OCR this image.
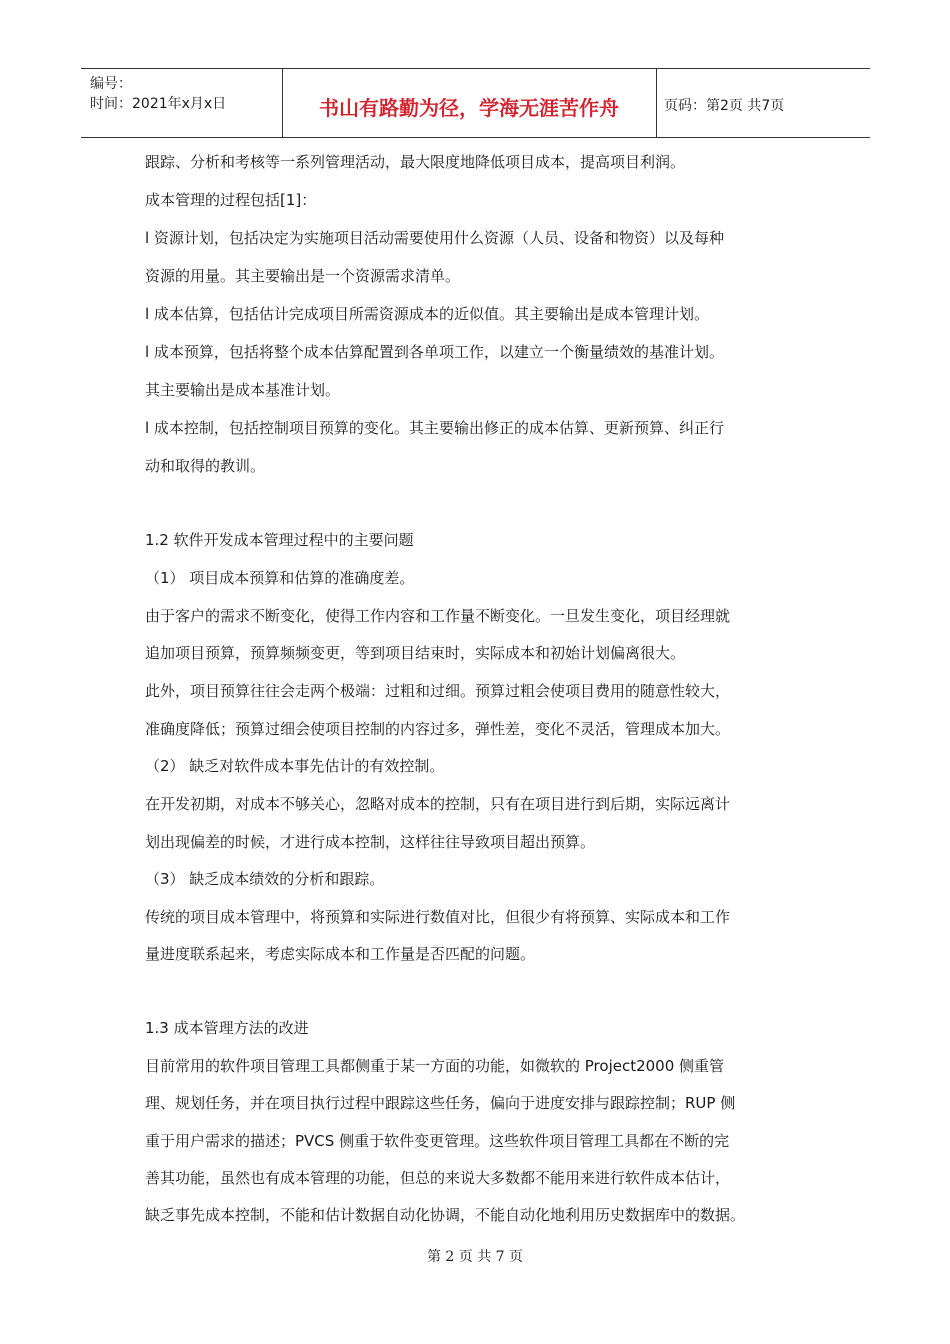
编号：
时间：2021年x月x日	书山有路勤为径，学海无涯苦作舟	页码：第2页 共7页
跟踪、分析和考核等一系列管理活动，最大限度地降低项目成本，提高项目利润。
成本管理的过程包括[1]：
l 资源计划，包括决定为实施项目活动需要使用什么资源（人员、设备和物资）以及每种
资源的用量。其主要输出是一个资源需求清单。
l 成本估算，包括估计完成项目所需资源成本的近似值。其主要输出是成本管理计划。
l 成本预算，包括将整个成本估算配置到各单项工作，以建立一个衡量绩效的基准计划。
其主要输出是成本基准计划。
l 成本控制，包括控制项目预算的变化。其主要输出修正的成本估算、更新预算、纠正行
动和取得的教训。
1.2 软件开发成本管理过程中的主要问题
（1） 项目成本预算和估算的准确度差。
由于客户的需求不断变化，使得工作内容和工作量不断变化。一旦发生变化，项目经理就
追加项目预算，预算频频变更，等到项目结束时，实际成本和初始计划偏离很大。
此外，项目预算往往会走两个极端：过粗和过细。预算过粗会使项目费用的随意性较大，
准确度降低；预算过细会使项目控制的内容过多，弹性差，变化不灵活，管理成本加大。
（2） 缺乏对软件成本事先估计的有效控制。
在开发初期，对成本不够关心，忽略对成本的控制，只有在项目进行到后期，实际远离计
划出现偏差的时候，才进行成本控制，这样往往导致项目超出预算。
（3） 缺乏成本绩效的分析和跟踪。
传统的项目成本管理中，将预算和实际进行数值对比，但很少有将预算、实际成本和工作
量进度联系起来，考虑实际成本和工作量是否匹配的问题。
1.3 成本管理方法的改进
目前常用的软件项目管理工具都侧重于某一方面的功能，如微软的 Project2000 侧重管
理、规划任务，并在项目执行过程中跟踪这些任务，偏向于进度安排与跟踪控制；RUP 侧
重于用户需求的描述；PVCS 侧重于软件变更管理。这些软件项目管理工具都在不断的完
善其功能，虽然也有成本管理的功能，但总的来说大多数都不能用来进行软件成本估计，
缺乏事先成本控制，不能和估计数据自动化协调，不能自动化地利用历史数据库中的数据。
第 2 页 共 7 页
